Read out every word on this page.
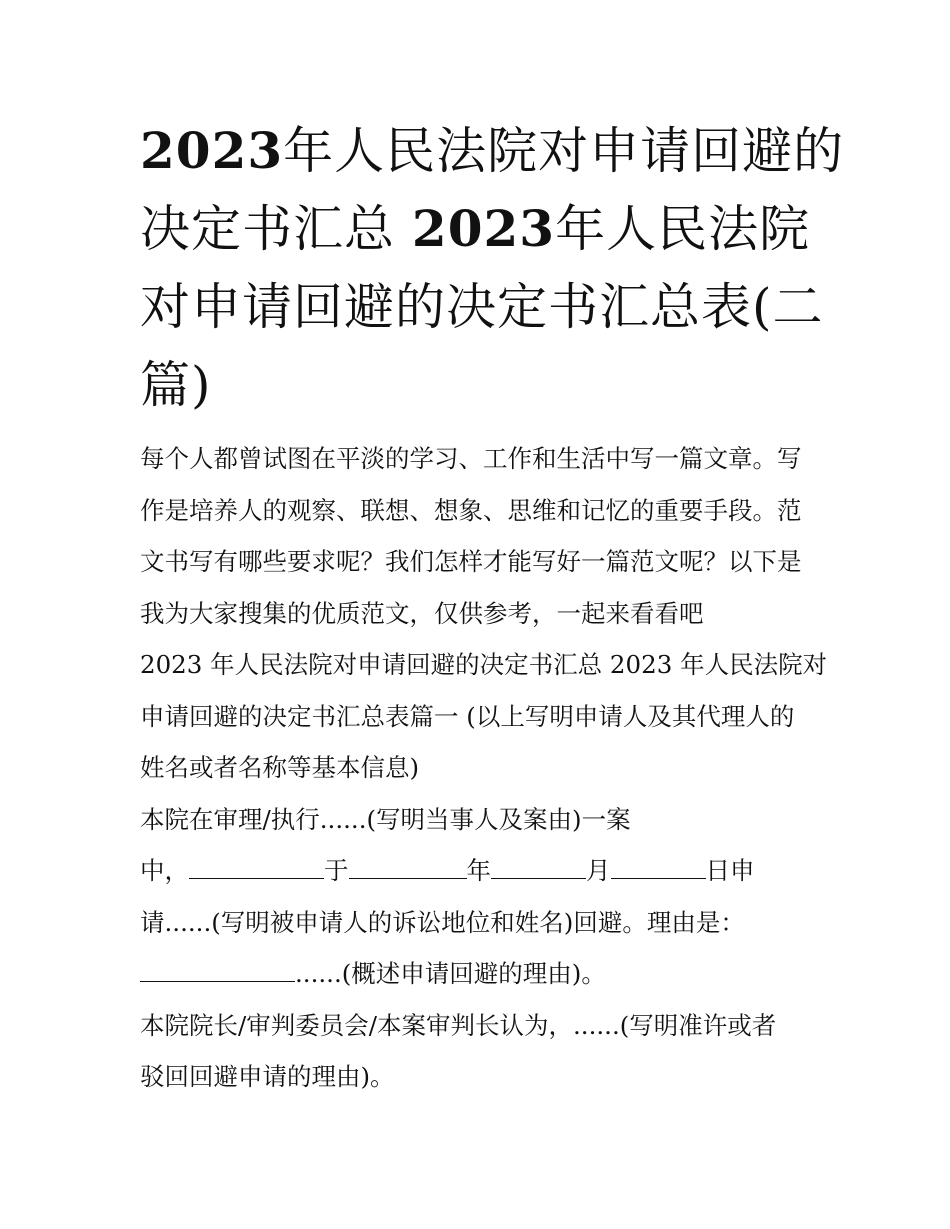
2023年人民法院对申请回避的
决定书汇总 2023年人民法院
对申请回避的决定书汇总表(二
篇)
每个人都曾试图在平淡的学习、工作和生活中写一篇文章。写
作是培养人的观察、联想、想象、思维和记忆的重要手段。范
文书写有哪些要求呢？我们怎样才能写好一篇范文呢？以下是
我为大家搜集的优质范文，仅供参考，一起来看看吧
2023 年人民法院对申请回避的决定书汇总 2023 年人民法院对
申请回避的决定书汇总表篇一 (以上写明申请人及其代理人的
姓名或者名称等基本信息)
本院在审理/执行......(写明当事人及案由)一案
中，	于	年	月	日申
请......(写明被申请人的诉讼地位和姓名)回避。理由是：
......(概述申请回避的理由)。
本院院长/审判委员会/本案审判长认为，......(写明准许或者
驳回回避申请的理由)。
